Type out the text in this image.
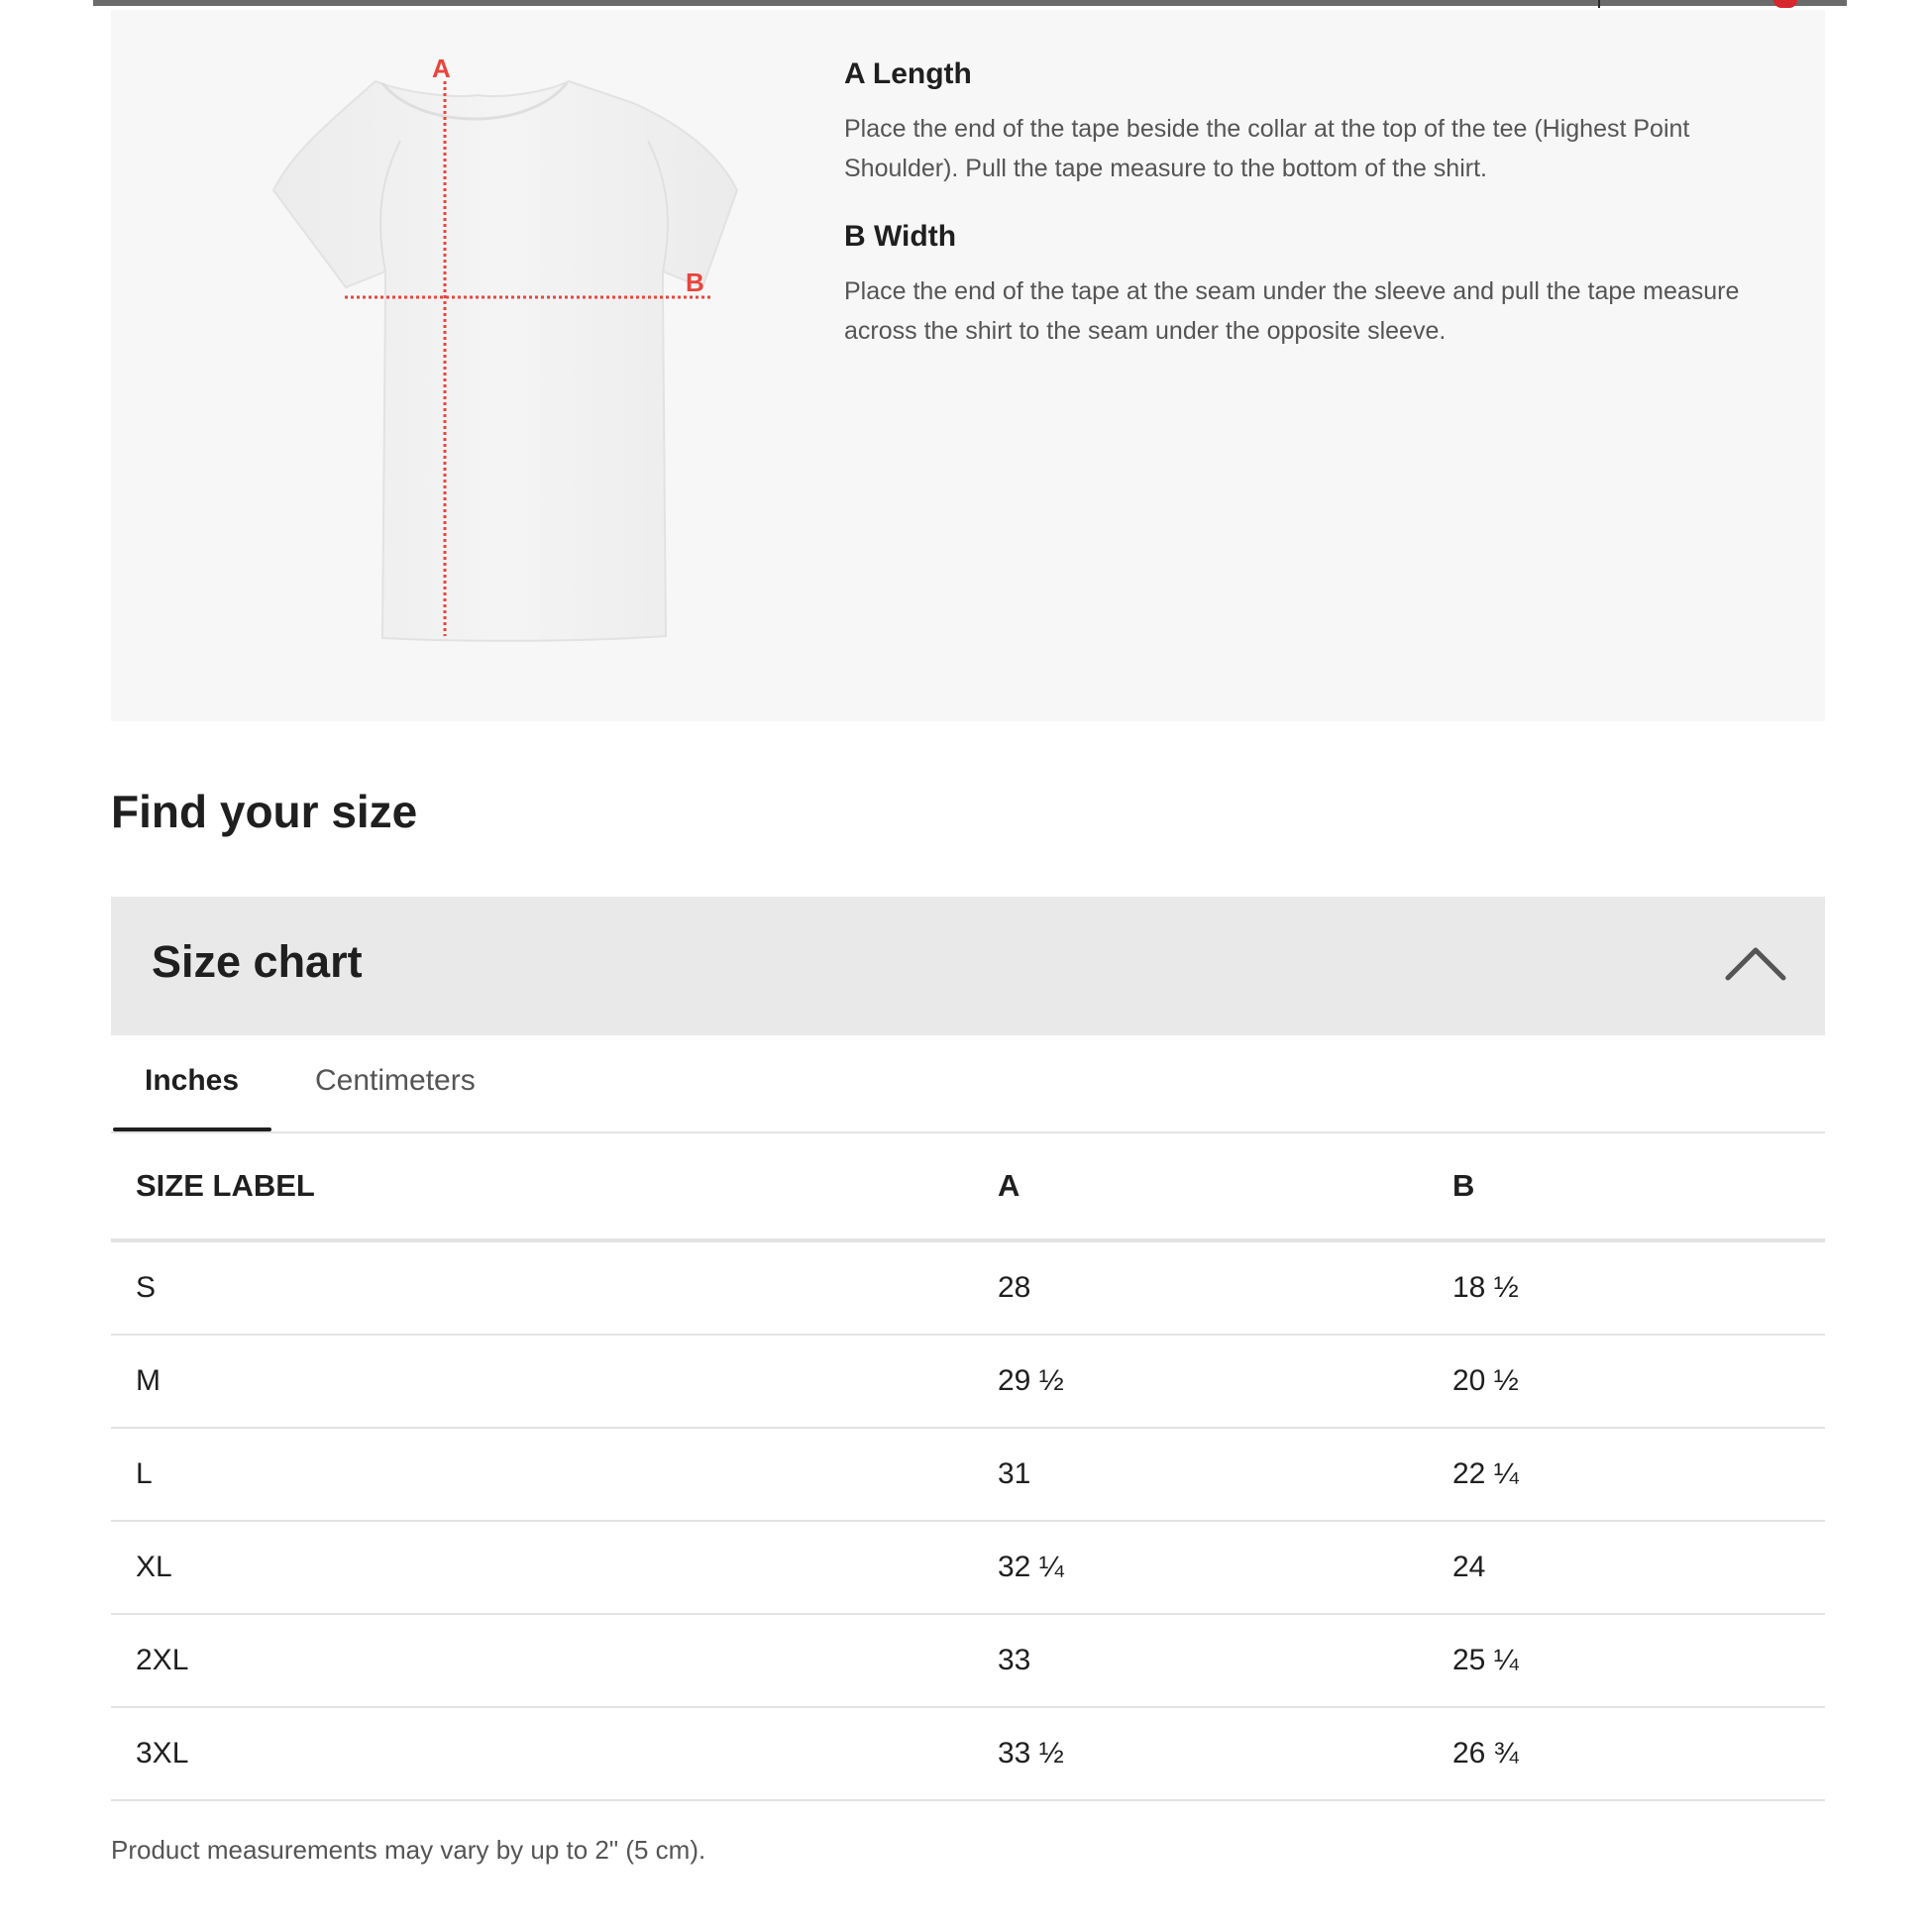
A
B
A Length

Place the end of the tape beside the collar at the top of the tee (Highest Point Shoulder). Pull the tape measure to the bottom of the shirt.

B Width

Place the end of the tape at the seam under the sleeve and pull the tape measure across the shirt to the seam under the opposite sleeve.

Find your size
Size chart
Inches	Centimeters
SIZE LABEL	A	B
S	28	18 ½
M	29 ½	20 ½
L	31	22 ¼
XL	32 ¼	24
2XL	33	25 ¼
3XL	33 ½	26 ¾

Product measurements may vary by up to 2" (5 cm).
